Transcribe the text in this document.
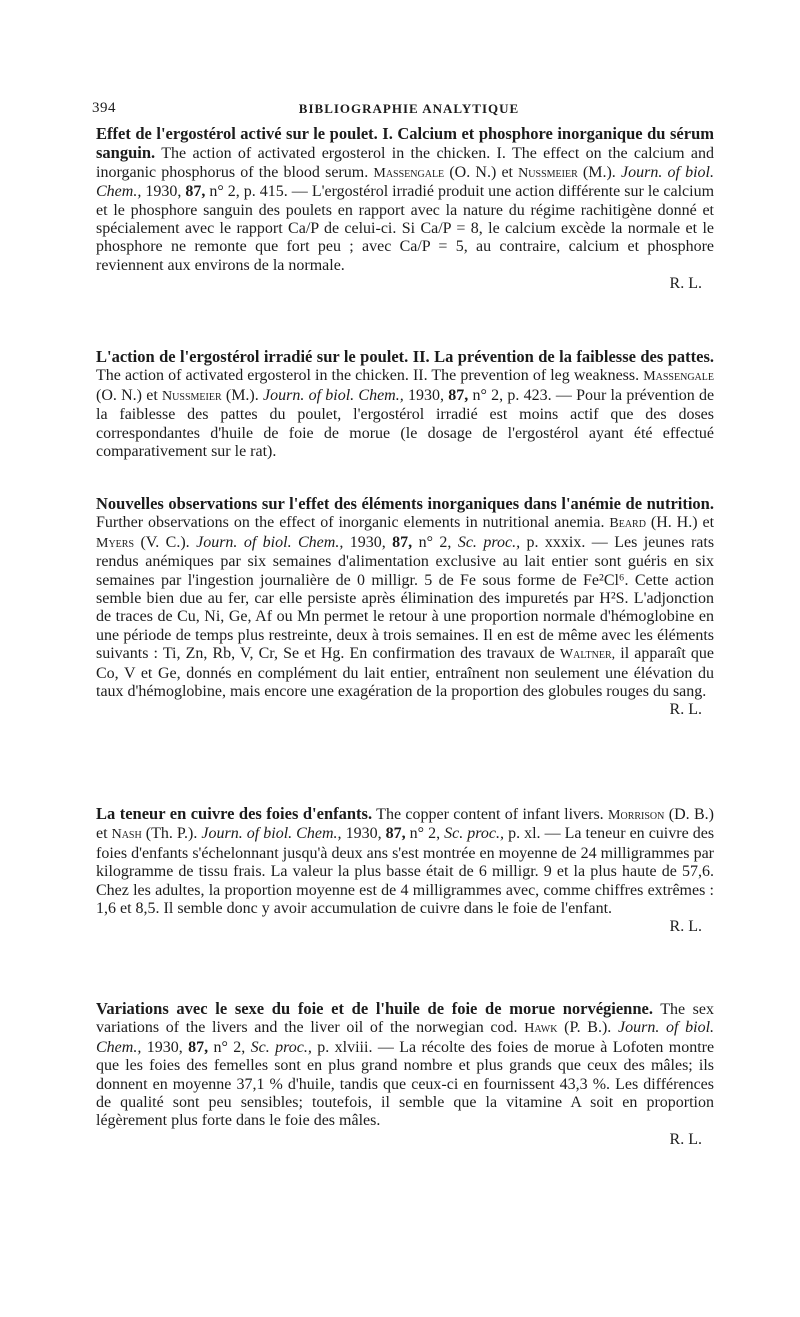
394	BIBLIOGRAPHIE ANALYTIQUE
Effet de l'ergostérol activé sur le poulet. I. Calcium et phosphore inorganique du sérum sanguin. The action of activated ergosterol in the chicken. I. The effect on the calcium and inorganic phosphorus of the blood serum. Massengale (O. N.) et Nussmeier (M.). Journ. of biol. Chem., 1930, 87, n° 2, p. 415. — L'ergostérol irradié produit une action différente sur le calcium et le phosphore sanguin des poulets en rapport avec la nature du régime rachitigène donné et spécialement avec le rapport Ca/P de celui-ci. Si Ca/P = 8, le calcium excède la normale et le phosphore ne remonte que fort peu ; avec Ca/P = 5, au contraire, calcium et phosphore reviennent aux environs de la normale.
R. L.
L'action de l'ergostérol irradié sur le poulet. II. La prévention de la faiblesse des pattes. The action of activated ergosterol in the chicken. II. The prevention of leg weakness. Massengale (O. N.) et Nussmeier (M.). Journ. of biol. Chem., 1930, 87, n° 2, p. 423. — Pour la prévention de la faiblesse des pattes du poulet, l'ergostérol irradié est moins actif que des doses correspondantes d'huile de foie de morue (le dosage de l'ergostérol ayant été effectué comparativement sur le rat).
Nouvelles observations sur l'effet des éléments inorganiques dans l'anémie de nutrition. Further observations on the effect of inorganic elements in nutritional anemia. Beard (H. H.) et Myers (V. C.). Journ. of biol. Chem., 1930, 87, n° 2, Sc. proc., p. xxxix. — Les jeunes rats rendus anémiques par six semaines d'alimentation exclusive au lait entier sont guéris en six semaines par l'ingestion journalière de 0 milligr. 5 de Fe sous forme de Fe²Cl⁶. Cette action semble bien due au fer, car elle persiste après élimination des impuretés par H²S. L'adjonction de traces de Cu, Ni, Ge, Af ou Mn permet le retour à une proportion normale d'hémoglobine en une période de temps plus restreinte, deux à trois semaines. Il en est de même avec les éléments suivants : Ti, Zn, Rb, V, Cr, Se et Hg. En confirmation des travaux de Waltner, il apparaît que Co, V et Ge, donnés en complément du lait entier, entraînent non seulement une élévation du taux d'hémoglobine, mais encore une exagération de la proportion des globules rouges du sang.
R. L.
La teneur en cuivre des foies d'enfants. The copper content of infant livers. Morrison (D. B.) et Nash (Th. P.). Journ. of biol. Chem., 1930, 87, n° 2, Sc. proc., p. xl. — La teneur en cuivre des foies d'enfants s'échelonnant jusqu'à deux ans s'est montrée en moyenne de 24 milligrammes par kilogramme de tissu frais. La valeur la plus basse était de 6 milligr. 9 et la plus haute de 57,6. Chez les adultes, la proportion moyenne est de 4 milligrammes avec, comme chiffres extrêmes : 1,6 et 8,5. Il semble donc y avoir accumulation de cuivre dans le foie de l'enfant.
R. L.
Variations avec le sexe du foie et de l'huile de foie de morue norvégienne. The sex variations of the livers and the liver oil of the norwegian cod. Hawk (P. B.). Journ. of biol. Chem., 1930, 87, n° 2, Sc. proc., p. xlviii. — La récolte des foies de morue à Lofoten montre que les foies des femelles sont en plus grand nombre et plus grands que ceux des mâles; ils donnent en moyenne 37,1 % d'huile, tandis que ceux-ci en fournissent 43,3 %. Les différences de qualité sont peu sensibles; toutefois, il semble que la vitamine A soit en proportion légèrement plus forte dans le foie des mâles.
R. L.
